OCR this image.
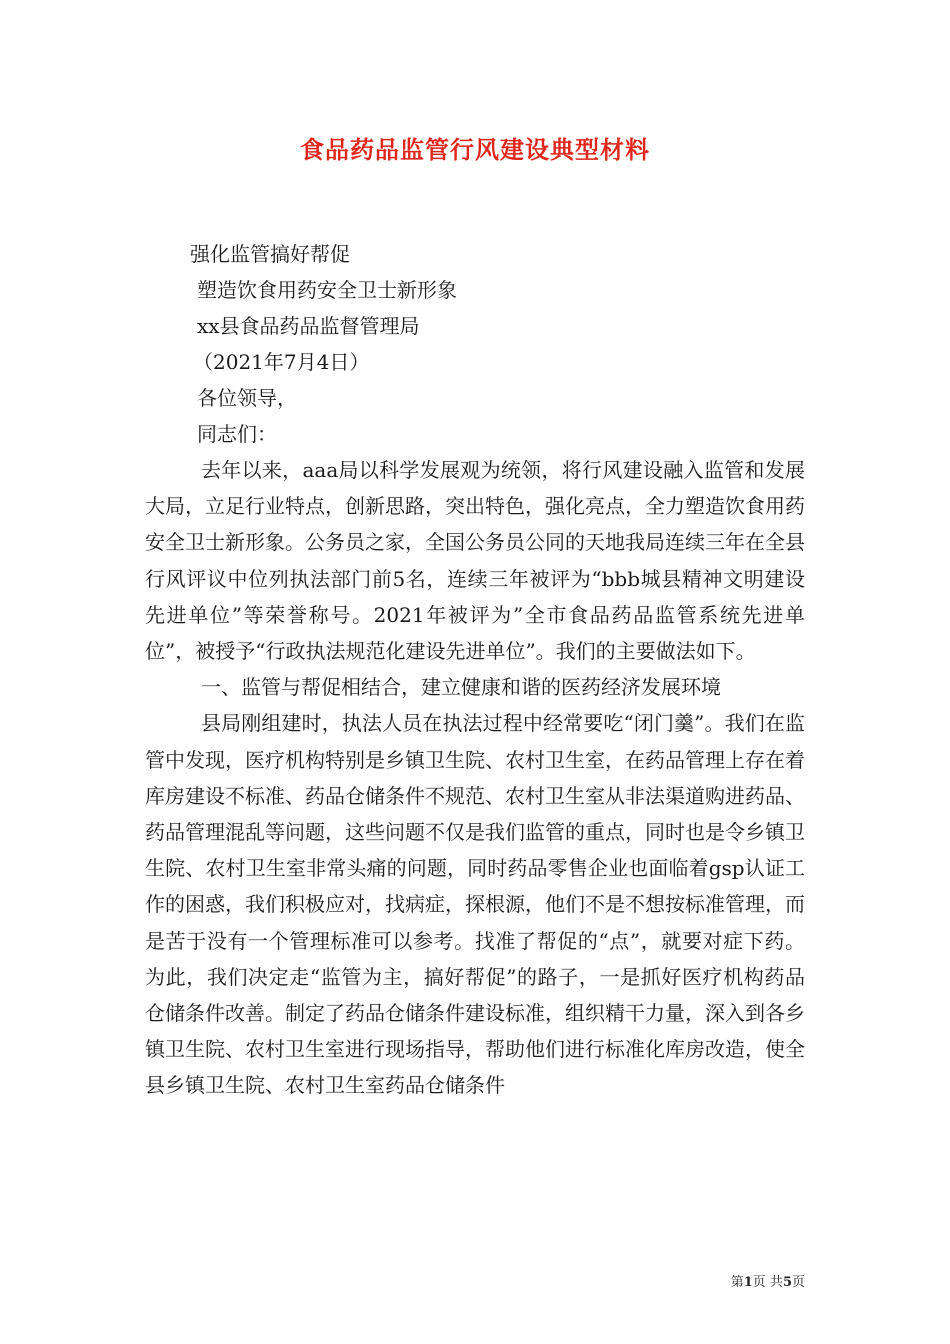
食品药品监管行风建设典型材料
强化监管搞好帮促
塑造饮食用药安全卫士新形象
xx县食品药品监督管理局
（2021年7月4日）
各位领导，
同志们：

去年以来，aaa局以科学发展观为统领，将行风建设融入监管和发展大局，立足行业特点，创新思路，突出特色，强化亮点，全力塑造饮食用药安全卫士新形象。公务员之家，全国公务员公同的天地我局连续三年在全县行风评议中位列执法部门前5名，连续三年被评为“bbb城县精神文明建设先进单位”等荣誉称号。2021年被评为”全市食品药品监管系统先进单位”，被授予“行政执法规范化建设先进单位”。我们的主要做法如下。

一、监管与帮促相结合，建立健康和谐的医药经济发展环境

县局刚组建时，执法人员在执法过程中经常要吃“闭门羹”。我们在监管中发现，医疗机构特别是乡镇卫生院、农村卫生室，在药品管理上存在着库房建设不标准、药品仓储条件不规范、农村卫生室从非法渠道购进药品、药品管理混乱等问题，这些问题不仅是我们监管的重点，同时也是令乡镇卫生院、农村卫生室非常头痛的问题，同时药品零售企业也面临着gsp认证工作的困惑，我们积极应对，找病症，探根源，他们不是不想按标准管理，而是苦于没有一个管理标准可以参考。找准了帮促的“点”，就要对症下药。为此，我们决定走“监管为主，搞好帮促”的路子，一是抓好医疗机构药品仓储条件改善。制定了药品仓储条件建设标准，组织精干力量，深入到各乡镇卫生院、农村卫生室进行现场指导，帮助他们进行标准化库房改造，使全县乡镇卫生院、农村卫生室药品仓储条件

第1页 共5页
